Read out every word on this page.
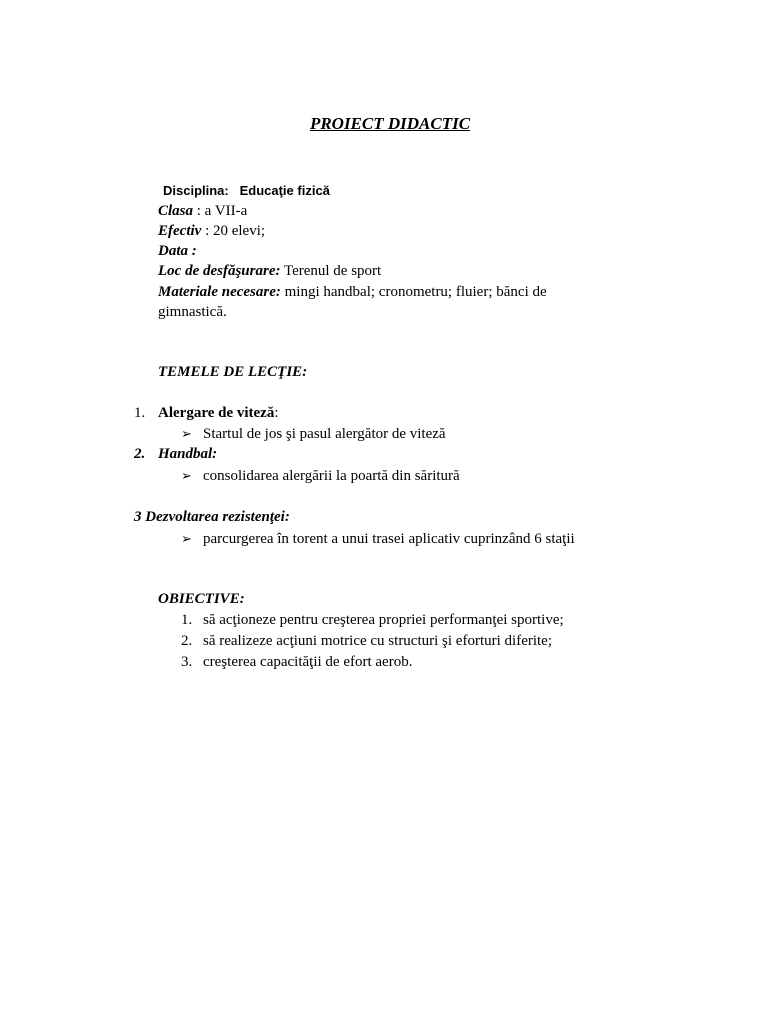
PROIECT DIDACTIC
Disciplina: Educaţie fizică
Clasa : a VII-a
Efectiv : 20 elevi;
Data :
Loc de desfăşurare: Terenul de sport
Materiale necesare: mingi handbal; cronometru; fluier; bănci de
gimnastică.
TEMELE DE LECŢIE:
1. Alergare de viteză:
➢ Startul de jos şi pasul alergător de viteză
2. Handbal:
➢ consolidarea alergării la poartă din săritură
3 Dezvoltarea rezistenţei:
➢ parcurgerea în torent a unui trasei aplicativ cuprinzând 6 staţii
OBIECTIVE:
1. să acţioneze pentru creşterea propriei performanţei sportive;
2. să realizeze acţiuni motrice cu structuri şi eforturi diferite;
3. creşterea capacităţii de efort aerob.
